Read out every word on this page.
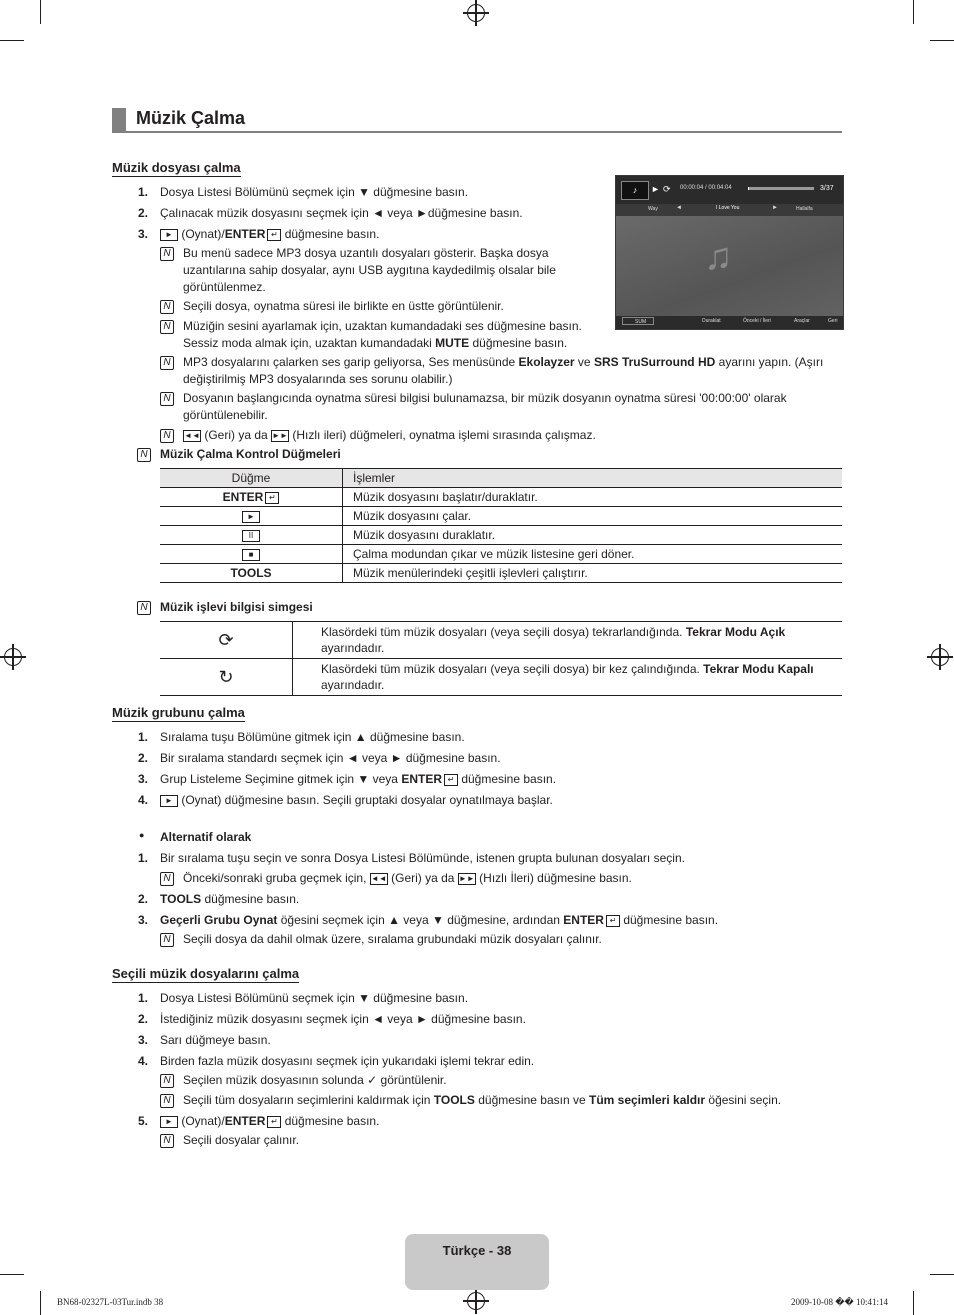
Müzik Çalma
Müzik dosyası çalma
1. Dosya Listesi Bölümünü seçmek için ▼ düğmesine basın.
2. Çalınacak müzik dosyasını seçmek için ◄ veya ►düğmesine basın.
3.	► (Oynat)/ENTER ↵ düğmesine basın.
N
Bu menü sadece MP3 dosya uzantılı dosyaları gösterir. Başka dosya
uzantılarına sahip dosyalar, aynı USB aygıtına kaydedilmiş olsalar bile
görüntülenmez.
N
Seçili dosya, oynatma süresi ile birlikte en üstte görüntülenir.
N
Müziğin sesini ayarlamak için, uzaktan kumandadaki ses düğmesine basın.
Sessiz moda almak için, uzaktan kumandadaki MUTE düğmesine basın.
N
MP3 dosyalarını çalarken ses garip geliyorsa, Ses menüsünde Ekolayzer ve SRS TruSurround HD ayarını yapın. (Aşırı
değiştirilmiş MP3 dosyalarında ses sorunu olabilir.)
N
Dosyanın başlangıcında oynatma süresi bilgisi bulunamazsa, bir müzik dosyanın oynatma süresi '00:00:00' olarak
görüntülenebilir.
N
◄◄ (Geri) ya da ►► (Hızlı ileri) düğmeleri, oynatma işlemi sırasında çalışmaz.
N
Müzik Çalma Kontrol Düğmeleri
Düğme	İşlemler
ENTER ↵	Müzik dosyasını başlatır/duraklatır.
►	Müzik dosyasını çalar.
II	Müzik dosyasını duraklatır.
■	Çalma modundan çıkar ve müzik listesine geri döner.
TOOLS	Müzik menülerindeki çeşitli işlevleri çalıştırır.
N
Müzik işlevi bilgisi simgesi
⟳	Klasördeki tüm müzik dosyaları (veya seçili dosya) tekrarlandığında. Tekrar Modu Açık
ayarındadır.
↻	Klasördeki tüm müzik dosyaları (veya seçili dosya) bir kez çalındığında. Tekrar Modu Kapalı
ayarındadır.
♪	► ⟳ 00:00:04 / 00:04:04	3/37
Way	◄	I Love You	►	Hallalfa
♫
SUM	Duraklat	Önceki / İleri	Araçlar	Geri
Müzik grubunu çalma
1. Sıralama tuşu Bölümüne gitmek için ▲ düğmesine basın.
2. Bir sıralama standardı seçmek için ◄ veya ► düğmesine basın.
3. Grup Listeleme Seçimine gitmek için ▼ veya ENTER ↵ düğmesine basın.
4.	► (Oynat) düğmesine basın. Seçili gruptaki dosyalar oynatılmaya başlar.
● Alternatif olarak
1. Bir sıralama tuşu seçin ve sonra Dosya Listesi Bölümünde, istenen grupta bulunan dosyaları seçin.
N
Önceki/sonraki gruba geçmek için, ◄◄ (Geri) ya da ►► (Hızlı İleri) düğmesine basın.
2. TOOLS düğmesine basın.
3. Geçerli Grubu Oynat öğesini seçmek için ▲ veya ▼ düğmesine, ardından ENTER ↵ düğmesine basın.
N
Seçili dosya da dahil olmak üzere, sıralama grubundaki müzik dosyaları çalınır.
Seçili müzik dosyalarını çalma
1. Dosya Listesi Bölümünü seçmek için ▼ düğmesine basın.
2. İstediğiniz müzik dosyasını seçmek için ◄ veya ► düğmesine basın.
3. Sarı düğmeye basın.
4. Birden fazla müzik dosyasını seçmek için yukarıdaki işlemi tekrar edin.
N
Seçilen müzik dosyasının solunda ✓ görüntülenir.
N
Seçili tüm dosyaların seçimlerini kaldırmak için TOOLS düğmesine basın ve Tüm seçimleri kaldır öğesini seçin.
5.	► (Oynat)/ENTER ↵ düğmesine basın.
N
Seçili dosyalar çalınır.
Türkçe - 38
BN68-02327L-03Tur.indb 38	2009-10-08 �� 10:41:14
